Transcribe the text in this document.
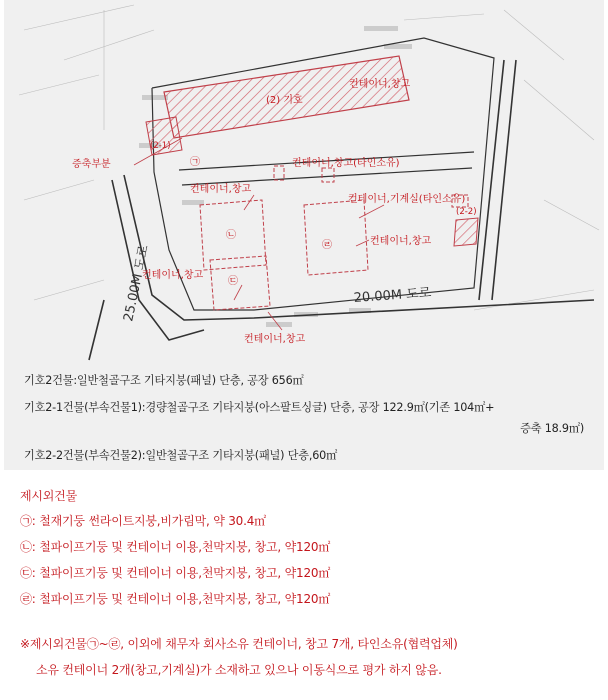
(2) 기호
(2-1)
(2-2)
컨테이너,창고
컨테이너,창고(타인소유)
증축부분
컨테이너,창고
컨테이너,기계실(타인소유)
컨테이너,창고
컨테이너,창고
컨테이너,창고
㉠
㉡
㉢
㉣
20.00M 도로
25.00M 도로
기호2건물:일반철골구조 기타지붕(패널) 단층, 공장 656㎡
기호2-1건물(부속건물1):경량철골구조 기타지붕(아스팔트싱글) 단층, 공장 122.9㎡(기존 104㎡+
증축 18.9㎡)
기호2-2건물(부속건물2):일반철골구조 기타지붕(패널) 단층,60㎡
제시외건물
㉠: 철재기둥 썬라이트지붕,비가림막, 약 30.4㎡
㉡: 철파이프기둥 및 컨테이너 이용,천막지붕, 창고, 약120㎡
㉢: 철파이프기둥 및 컨테이너 이용,천막지붕, 창고, 약120㎡
㉣: 철파이프기둥 및 컨테이너 이용,천막지붕, 창고, 약120㎡
※제시외건물㉠~㉣, 이외에 채무자 회사소유 컨테이너, 창고 7개, 타인소유(협력업체)
소유 컨테이너 2개(창고,기계실)가 소재하고 있으나 이동식으로 평가 하지 않음.
